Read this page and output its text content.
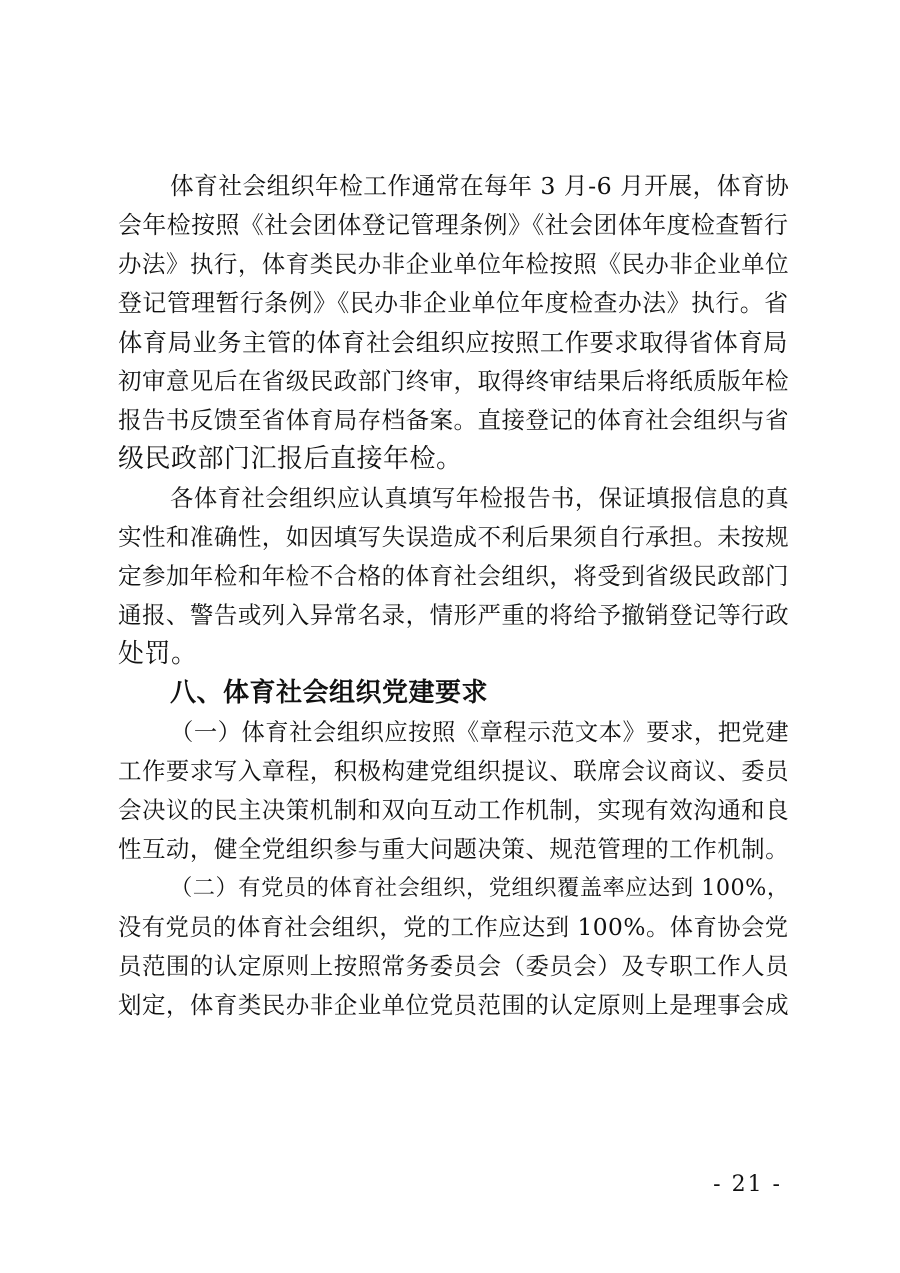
体育社会组织年检工作通常在每年 3 月-6 月开展，体育协
会年检按照《社会团体登记管理条例》《社会团体年度检查暂行
办法》执行，体育类民办非企业单位年检按照《民办非企业单位
登记管理暂行条例》《民办非企业单位年度检查办法》执行。省
体育局业务主管的体育社会组织应按照工作要求取得省体育局
初审意见后在省级民政部门终审，取得终审结果后将纸质版年检
报告书反馈至省体育局存档备案。直接登记的体育社会组织与省
级民政部门汇报后直接年检。

各体育社会组织应认真填写年检报告书，保证填报信息的真
实性和准确性，如因填写失误造成不利后果须自行承担。未按规
定参加年检和年检不合格的体育社会组织，将受到省级民政部门
通报、警告或列入异常名录，情形严重的将给予撤销登记等行政
处罚。

八、体育社会组织党建要求

（一）体育社会组织应按照《章程示范文本》要求，把党建
工作要求写入章程，积极构建党组织提议、联席会议商议、委员
会决议的民主决策机制和双向互动工作机制，实现有效沟通和良
性互动，健全党组织参与重大问题决策、规范管理的工作机制。

（二）有党员的体育社会组织，党组织覆盖率应达到 100%，
没有党员的体育社会组织，党的工作应达到 100%。体育协会党
员范围的认定原则上按照常务委员会（委员会）及专职工作人员
划定，体育类民办非企业单位党员范围的认定原则上是理事会成

- 21 -
